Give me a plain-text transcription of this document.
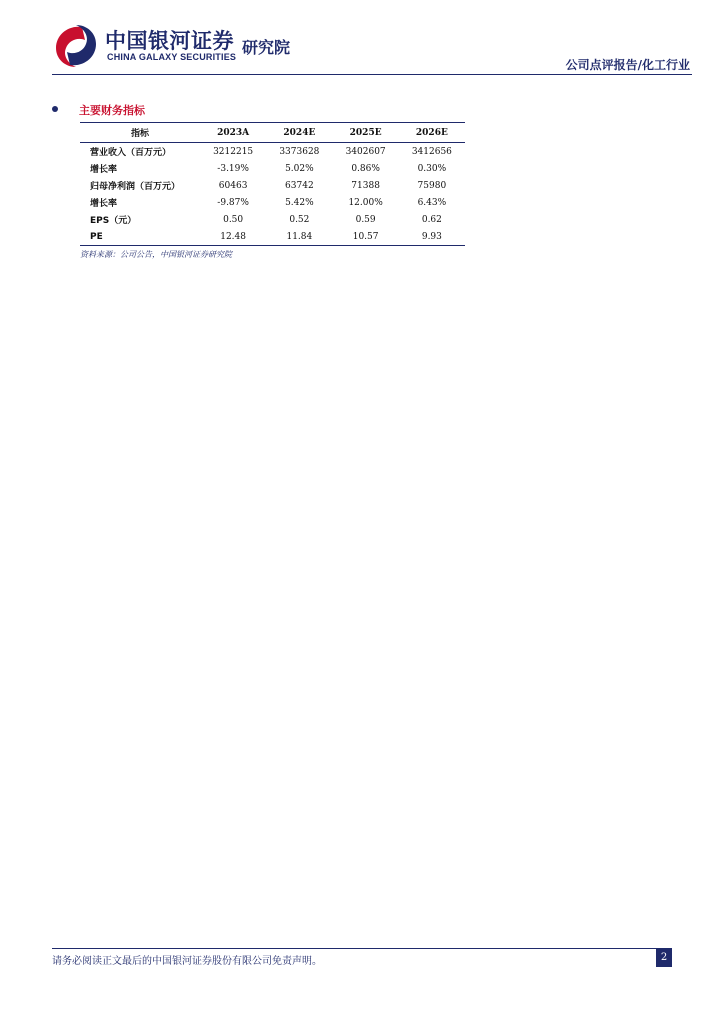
中国银河证券
CHINA GALAXY SECURITIES 研究院
公司点评报告/化工行业
主要财务指标
指标	2023A	2024E	2025E	2026E
营业收入（百万元）	3212215	3373628	3402607	3412656
增长率	-3.19%	5.02%	0.86%	0.30%
归母净利润（百万元）	60463	63742	71388	75980
增长率	-9.87%	5.42%	12.00%	6.43%
EPS（元）	0.50	0.52	0.59	0.62
PE	12.48	11.84	10.57	9.93
资料来源：公司公告，中国银河证券研究院
请务必阅读正文最后的中国银河证券股份有限公司免责声明。	2
